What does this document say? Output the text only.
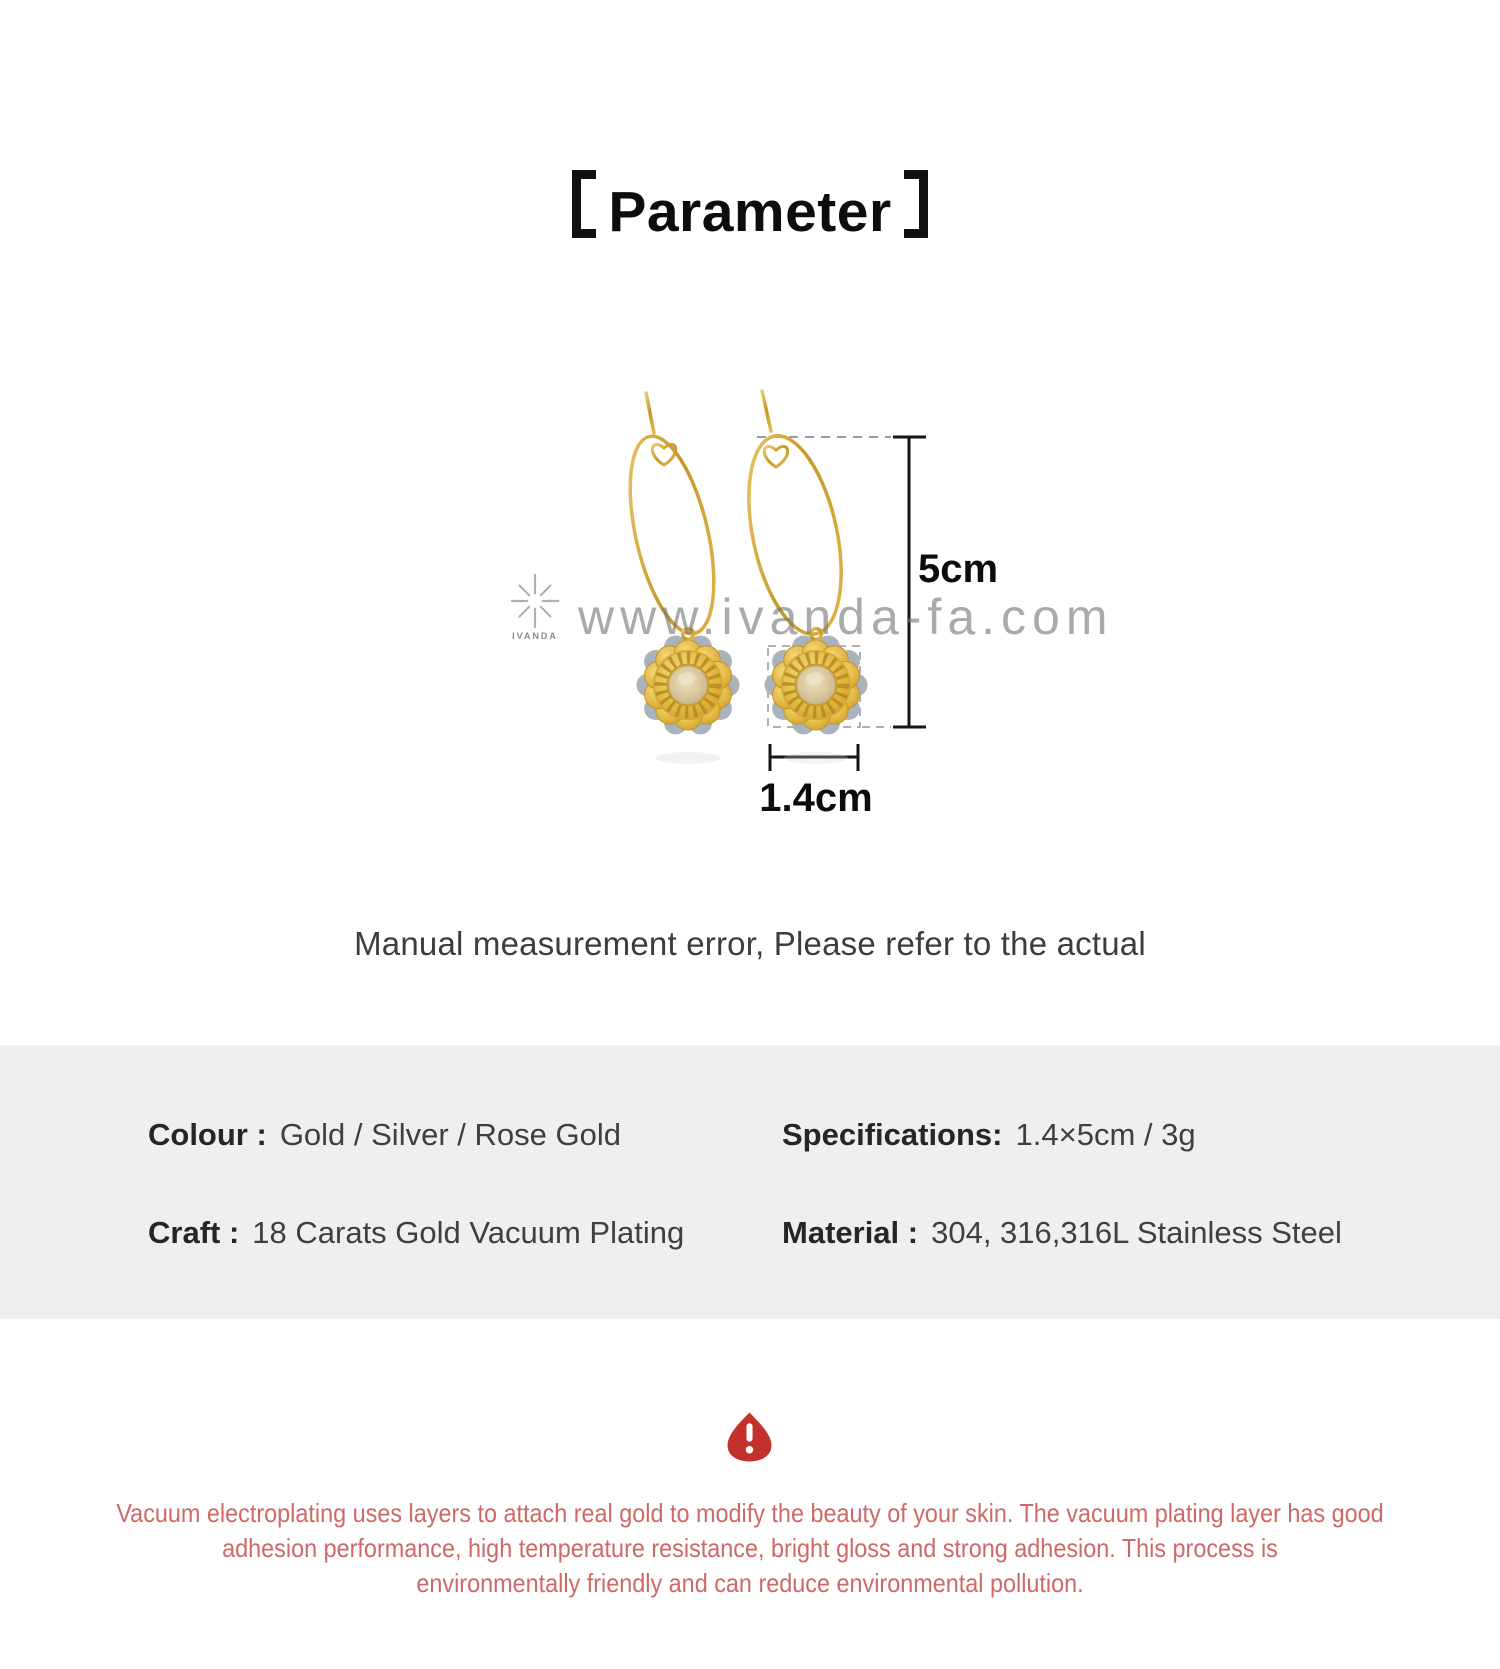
Parameter
IVANDA www.ivanda-fa.com
5cm
1.4cm

Manual measurement error, Please refer to the actual

Colour : Gold / Silver / Rose Gold	Specifications: 1.4×5cm / 3g
Craft : 18 Carats Gold Vacuum Plating	Material : 304, 316,316L Stainless Steel

Vacuum electroplating uses layers to attach real gold to modify the beauty of your skin. The vacuum plating layer has good

adhesion performance, high temperature resistance, bright gloss and strong adhesion. This process is

environmentally friendly and can reduce environmental pollution.
